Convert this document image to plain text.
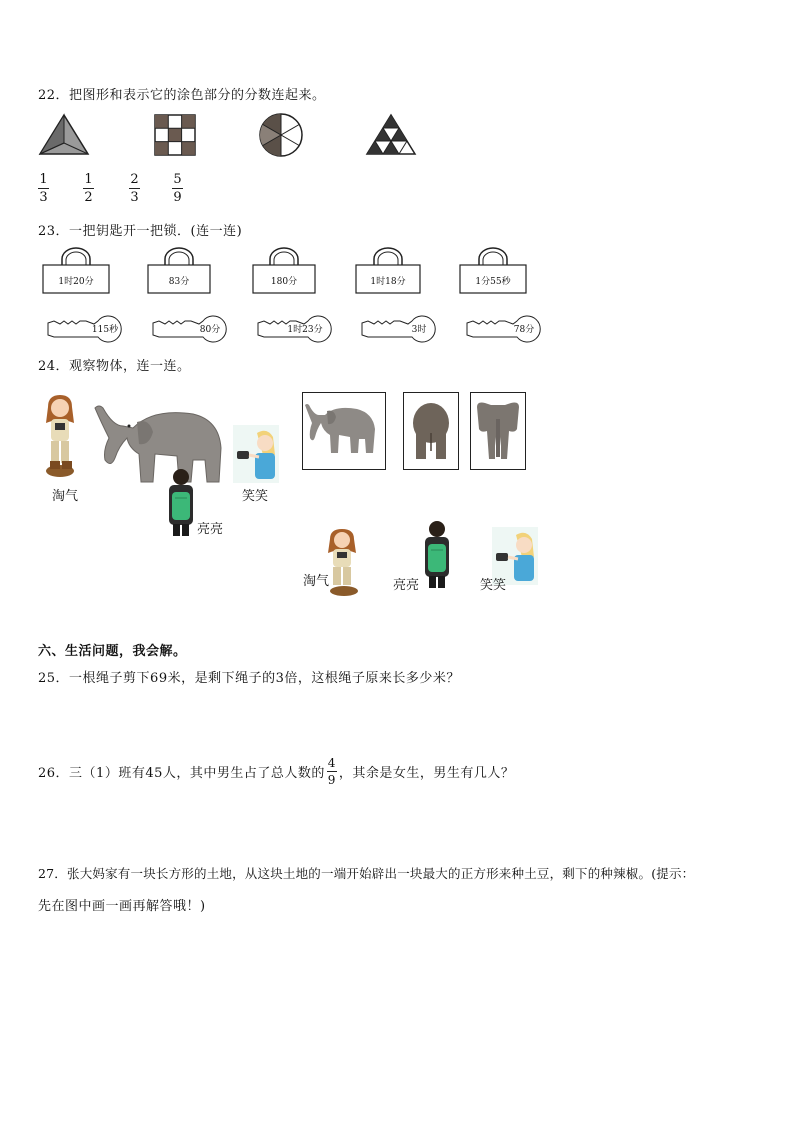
22．把图形和表示它的涂色部分的分数连起来。
1
3
1
2
2
3
5
9
23．一把钥匙开一把锁．(连一连)
1时20分	83分	180分	1时18分	1分55秒
115秒	80分	1时23分	3时	78分
24．观察物体，连一连。
淘气
亮亮
笑笑
淘气	亮亮	笑笑
六、生活问题，我会解。
25．一根绳子剪下69米，是剩下绳子的3倍，这根绳子原来长多少米？
26．三（1）班有45人，其中男生占了总人数的 $\frac{4}{9}$ ，其余是女生，男生有几人？
27．张大妈家有一块长方形的土地，从这块土地的一端开始辟出一块最大的正方形来种土豆，剩下的种辣椒。(提示：
先在图中画一画再解答哦！)
